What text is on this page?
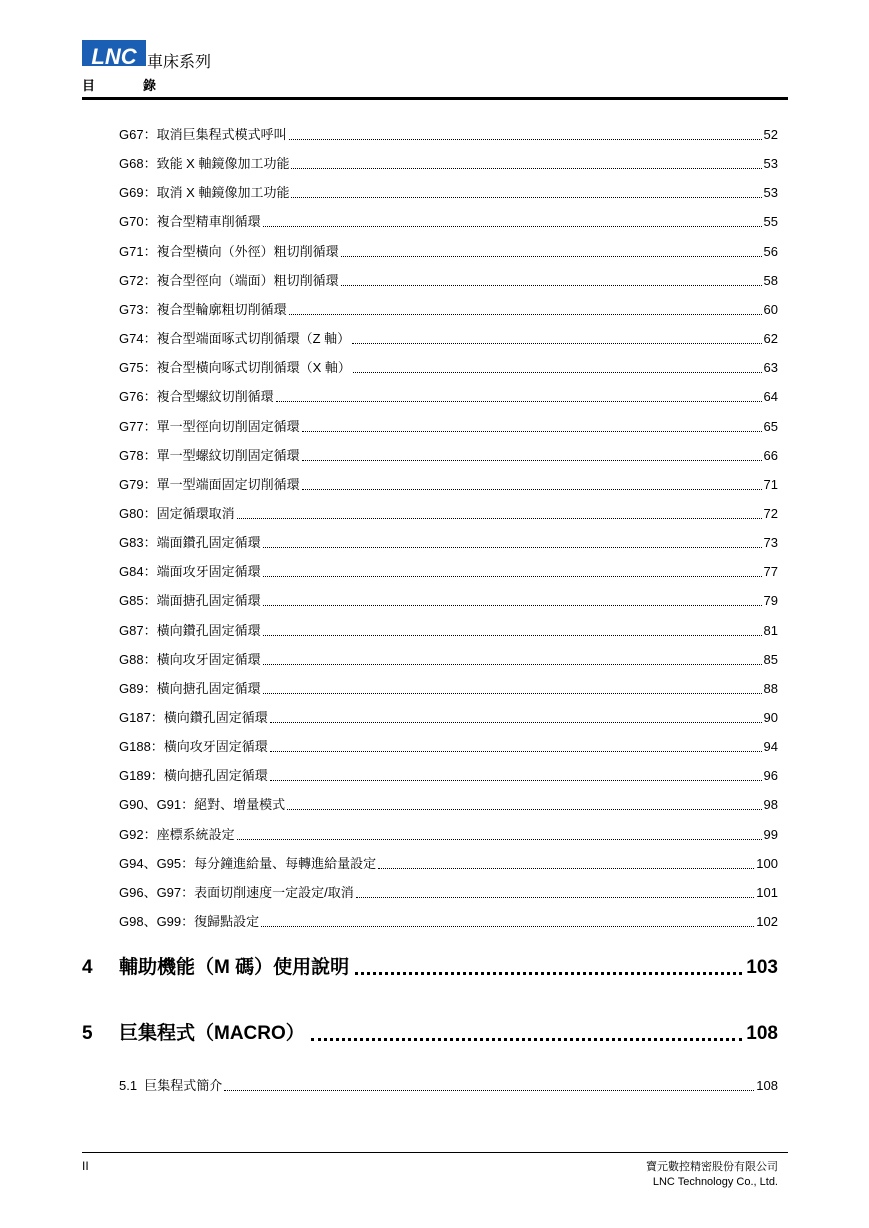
LNC 車床系列
目	錄
G67：取消巨集程式模式呼叫	52
G68：致能 X 軸鏡像加工功能	53
G69：取消 X 軸鏡像加工功能	53
G70：複合型精車削循環	55
G71：複合型橫向（外徑）粗切削循環	56
G72：複合型徑向（端面）粗切削循環	58
G73：複合型輪廓粗切削循環	60
G74：複合型端面啄式切削循環（Z 軸）	62
G75：複合型橫向啄式切削循環（X 軸）	63
G76：複合型螺紋切削循環	64
G77：單一型徑向切削固定循環	65
G78：單一型螺紋切削固定循環	66
G79：單一型端面固定切削循環	71
G80：固定循環取消	72
G83：端面鑽孔固定循環	73
G84：端面攻牙固定循環	77
G85：端面搪孔固定循環	79
G87：橫向鑽孔固定循環	81
G88：橫向攻牙固定循環	85
G89：橫向搪孔固定循環	88
G187：橫向鑽孔固定循環	90
G188：橫向攻牙固定循環	94
G189：橫向搪孔固定循環	96
G90、G91：絕對、增量模式	98
G92：座標系統設定	99
G94、G95：每分鐘進給量、每轉進給量設定	100
G96、G97：表面切削速度一定設定/取消	101
G98、G99：復歸點設定	102
4	輔助機能（M 碼）使用說明	103
5	巨集程式（MACRO）	108
5.1  巨集程式簡介	108
II	寶元數控精密股份有限公司
LNC Technology Co., Ltd.
